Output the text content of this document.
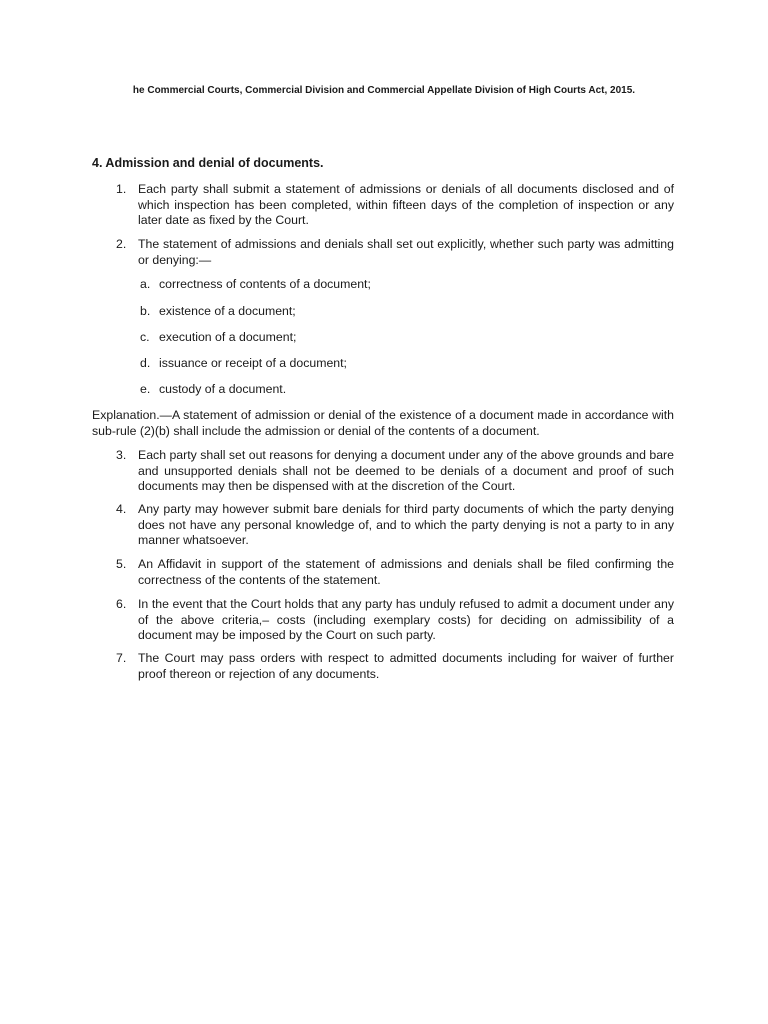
he Commercial Courts, Commercial Division and Commercial Appellate Division of High Courts Act, 2015.
4. Admission and denial of documents.
1. Each party shall submit a statement of admissions or denials of all documents disclosed and of which inspection has been completed, within fifteen days of the completion of inspection or any later date as fixed by the Court.
2. The statement of admissions and denials shall set out explicitly, whether such party was admitting or denying:—
a. correctness of contents of a document;
b. existence of a document;
c. execution of a document;
d. issuance or receipt of a document;
e. custody of a document.
Explanation.—A statement of admission or denial of the existence of a document made in accordance with sub-rule (2)(b) shall include the admission or denial of the contents of a document.
3. Each party shall set out reasons for denying a document under any of the above grounds and bare and unsupported denials shall not be deemed to be denials of a document and proof of such documents may then be dispensed with at the discretion of the Court.
4. Any party may however submit bare denials for third party documents of which the party denying does not have any personal knowledge of, and to which the party denying is not a party to in any manner whatsoever.
5. An Affidavit in support of the statement of admissions and denials shall be filed confirming the correctness of the contents of the statement.
6. In the event that the Court holds that any party has unduly refused to admit a document under any of the above criteria,– costs (including exemplary costs) for deciding on admissibility of a document may be imposed by the Court on such party.
7. The Court may pass orders with respect to admitted documents including for waiver of further proof thereon or rejection of any documents.
